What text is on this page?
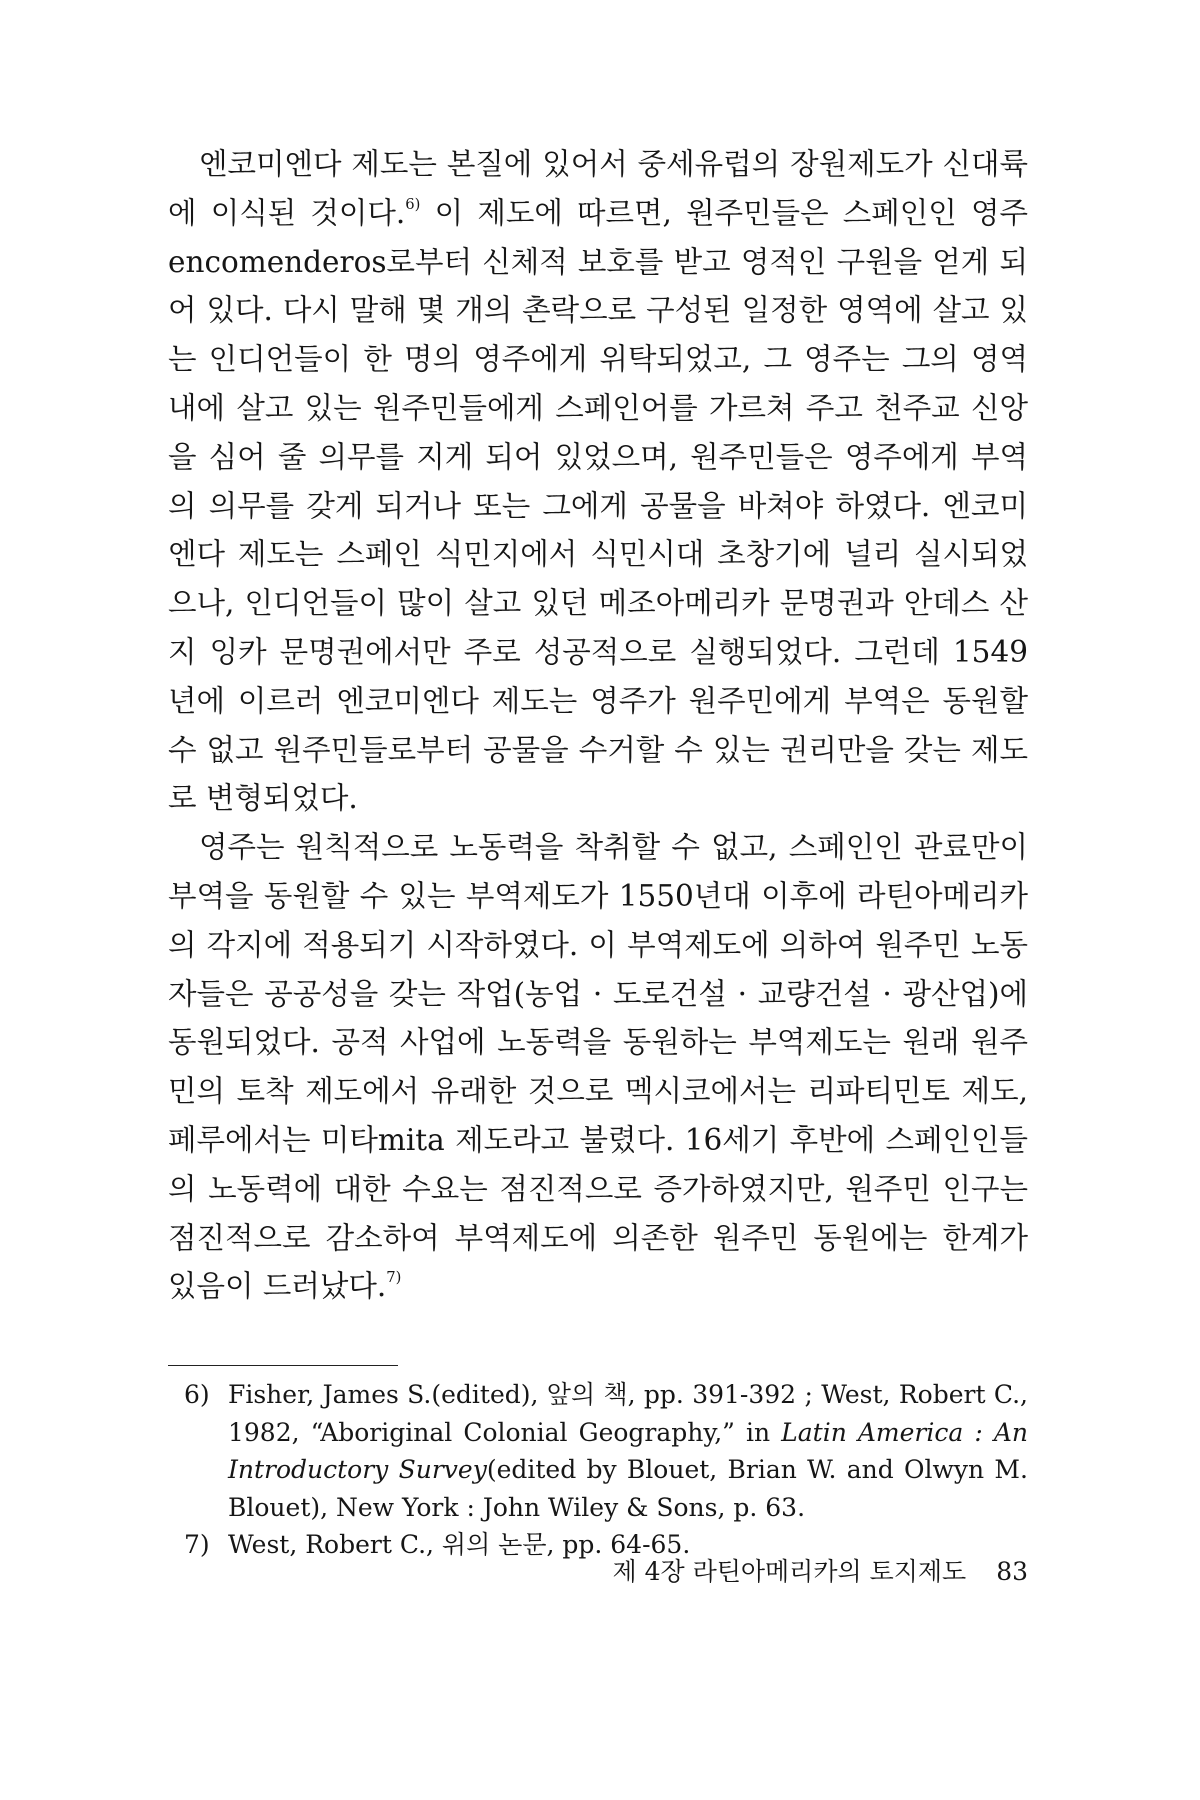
엔코미엔다 제도는 본질에 있어서 중세유럽의 장원제도가 신대륙에 이식된 것이다.$^{6)}$ 이 제도에 따르면, 원주민들은 스페인인 영주encomenderos로부터 신체적 보호를 받고 영적인 구원을 얻게 되어 있다. 다시 말해 몇 개의 촌락으로 구성된 일정한 영역에 살고 있는 인디언들이 한 명의 영주에게 위탁되었고, 그 영주는 그의 영역 내에 살고 있는 원주민들에게 스페인어를 가르쳐 주고 천주교 신앙을 심어 줄 의무를 지게 되어 있었으며, 원주민들은 영주에게 부역의 의무를 갖게 되거나 또는 그에게 공물을 바쳐야 하였다. 엔코미엔다 제도는 스페인 식민지에서 식민시대 초창기에 널리 실시되었으나, 인디언들이 많이 살고 있던 메조아메리카 문명권과 안데스 산지 잉카 문명권에서만 주로 성공적으로 실행되었다. 그런데 1549년에 이르러 엔코미엔다 제도는 영주가 원주민에게 부역은 동원할 수 없고 원주민들로부터 공물을 수거할 수 있는 권리만을 갖는 제도로 변형되었다.

영주는 원칙적으로 노동력을 착취할 수 없고, 스페인인 관료만이 부역을 동원할 수 있는 부역제도가 1550년대 이후에 라틴아메리카의 각지에 적용되기 시작하였다. 이 부역제도에 의하여 원주민 노동자들은 공공성을 갖는 작업(농업 · 도로건설 · 교량건설 · 광산업)에 동원되었다. 공적 사업에 노동력을 동원하는 부역제도는 원래 원주민의 토착 제도에서 유래한 것으로 멕시코에서는 리파티민토 제도, 페루에서는 미타mita 제도라고 불렸다. 16세기 후반에 스페인인들의 노동력에 대한 수요는 점진적으로 증가하였지만, 원주민 인구는 점진적으로 감소하여 부역제도에 의존한 원주민 동원에는 한계가 있음이 드러났다.$^{7)}$

6) Fisher, James S.(edited), 앞의 책, pp. 391-392 ; West, Robert C., 1982, “Aboriginal Colonial Geography,” in Latin America : An Introductory Survey(edited by Blouet, Brian W. and Olwyn M. Blouet), New York : John Wiley & Sons, p. 63.
7) West, Robert C., 위의 논문, pp. 64-65.
제 4장 라틴아메리카의 토지제도 83
